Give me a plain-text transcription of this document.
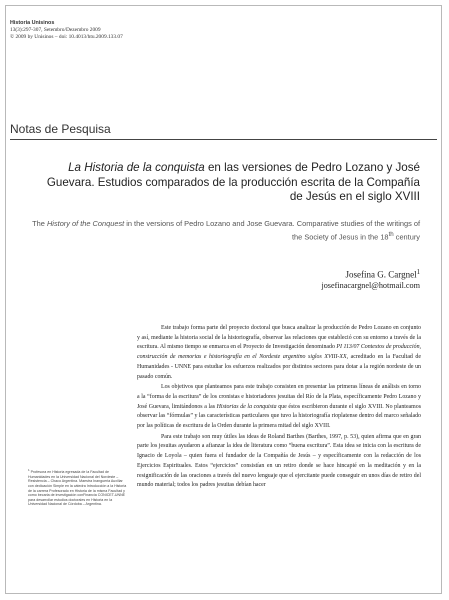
Historia Unisinos
13(3):297-307, Setembro/Dezembro 2009
© 2009 by Unisinos – doi: 10.4013/htu.2009.133.07
Notas de Pesquisa
La Historia de la conquista en las versiones de Pedro Lozano y José Guevara. Estudios comparados de la producción escrita de la Compañía de Jesús en el siglo XVIII
The History of the Conquest in the versions of Pedro Lozano and Jose Guevara. Comparative studies of the writings of the Society of Jesus in the 18th century
Josefina G. Cargnel$^1$
josefinacargnel@hotmail.com

Este trabajo forma parte del proyecto doctoral que busca analizar la producción de Pedro Lozano en conjunto y así, mediante la historia social de la historiografía, observar las relaciones que estableció con su entorno a través de la escritura. Al mismo tiempo se enmarca en el Proyecto de Investigación denominado PI 113/07 Contextos de producción, construcción de memorias e historiografía en el Nordeste argentino siglos XVIII-XX, acreditado en la Facultad de Humanidades - UNNE para estudiar los esfuerzos realizados por distintos sectores para dotar a la región nordeste de un pasado común.

Los objetivos que planteamos para este trabajo consisten en presentar las primeras líneas de análisis en torno a la “forma de la escritura” de los cronistas e historiadores jesuitas del Río de la Plata, específicamente Pedro Lozano y José Guevara, limitándonos a las Historias de la conquista que éstos escribieron durante el siglo XVIII. No planteamos observar las “fórmulas” y las características particulares que tuvo la historiografía rioplatense dentro del marco señalado por las políticas de escritura de la Orden durante la primera mitad del siglo XVIII.

Para este trabajo son muy útiles las ideas de Roland Barthes (Barthes, 1997, p. 53), quien afirma que en gran parte los jesuitas ayudaron a afianzar la idea de literatura como “buena escritura”. Esta idea se inicia con la escritura de Ignacio de Loyola – quien fuera el fundador de la Compañía de Jesús – y específicamente con la redacción de los Ejercicios Espirituales. Estos “ejercicios” consistían en un retiro donde se hace hincapié en la meditación y en la resignificación de las oraciones a través del nuevo lenguaje que el ejercitante puede conseguir en unos días de retiro del mundo material; todos los padres jesuitas debían hacer

$^1$ Profesora en Historia egresada de la Facultad de Humanidades en la Universidad Nacional del Nordeste – Resistencia – Chaco Argentina. Maestra Inangueria Auxiliar con dedicación Simple en la cátedra Introducción a la Historia de la carrera Profesorado en Historia de la misma Facultad y como becaria de investigación conFinancia CONICET-UNNE para desarrollar estudios doctorales en Historia en la Universidad Nacional de Córdoba – Argentina.
